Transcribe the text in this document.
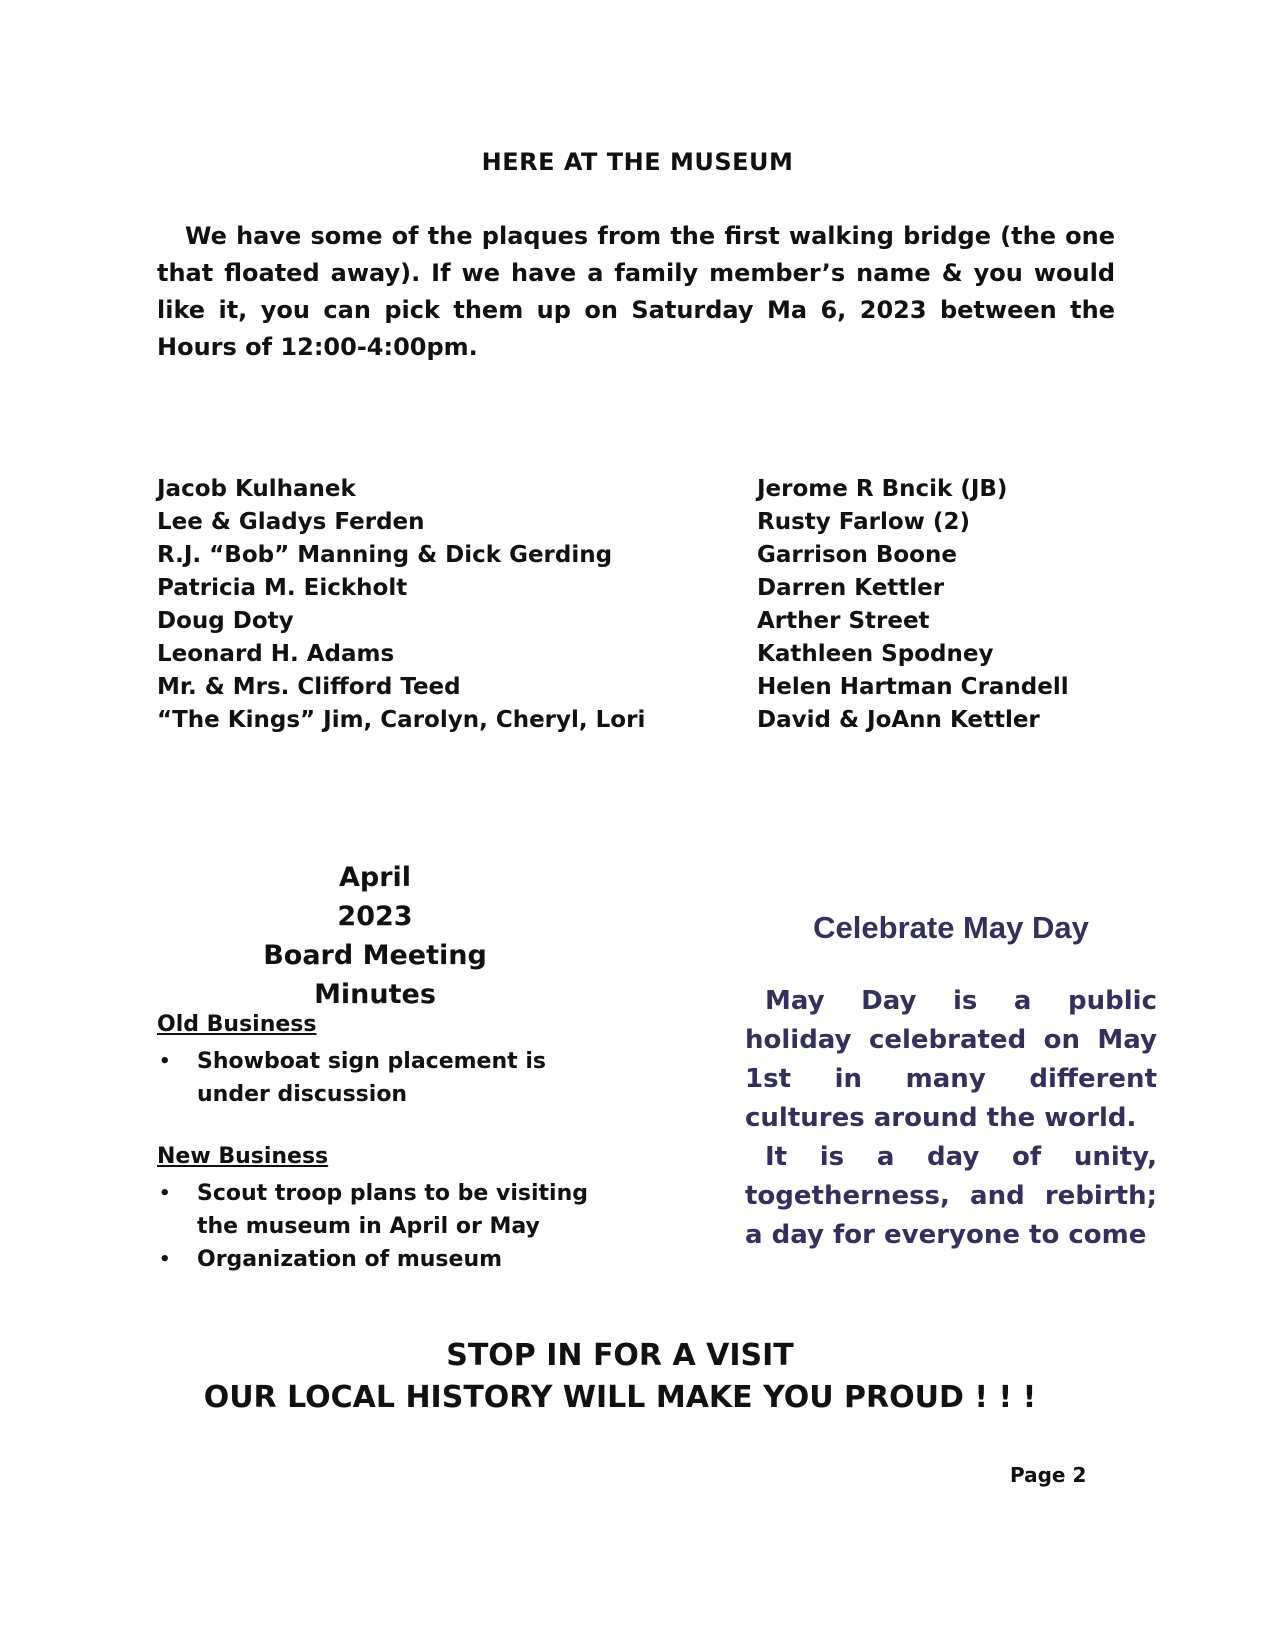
HERE AT THE MUSEUM

We have some of the plaques from the first walking bridge (the one that floated away). If we have a family member’s name & you would like it, you can pick them up on Saturday Ma 6, 2023 between the Hours of 12:00-4:00pm.

Jacob Kulhanek
Lee & Gladys Ferden
R.J. “Bob” Manning & Dick Gerding
Patricia M. Eickholt
Doug Doty
Leonard H. Adams
Mr. & Mrs. Clifford Teed
“The Kings” Jim, Carolyn, Cheryl, Lori
Jerome R Bncik (JB)
Rusty Farlow (2)
Garrison Boone
Darren Kettler
Arther Street
Kathleen Spodney
Helen Hartman Crandell
David & JoAnn Kettler
April
2023
Board Meeting Minutes
Old Business
• Showboat sign placement is under discussion
New Business
• Scout troop plans to be visiting the museum in April or May
• Organization of museum
Celebrate May Day

May Day is a public holiday celebrated on May 1st in many different cultures around the world.

It is a day of unity, togetherness, and rebirth; a day for everyone to come

STOP IN FOR A VISIT
OUR LOCAL HISTORY WILL MAKE YOU PROUD ! ! !
Page 2
